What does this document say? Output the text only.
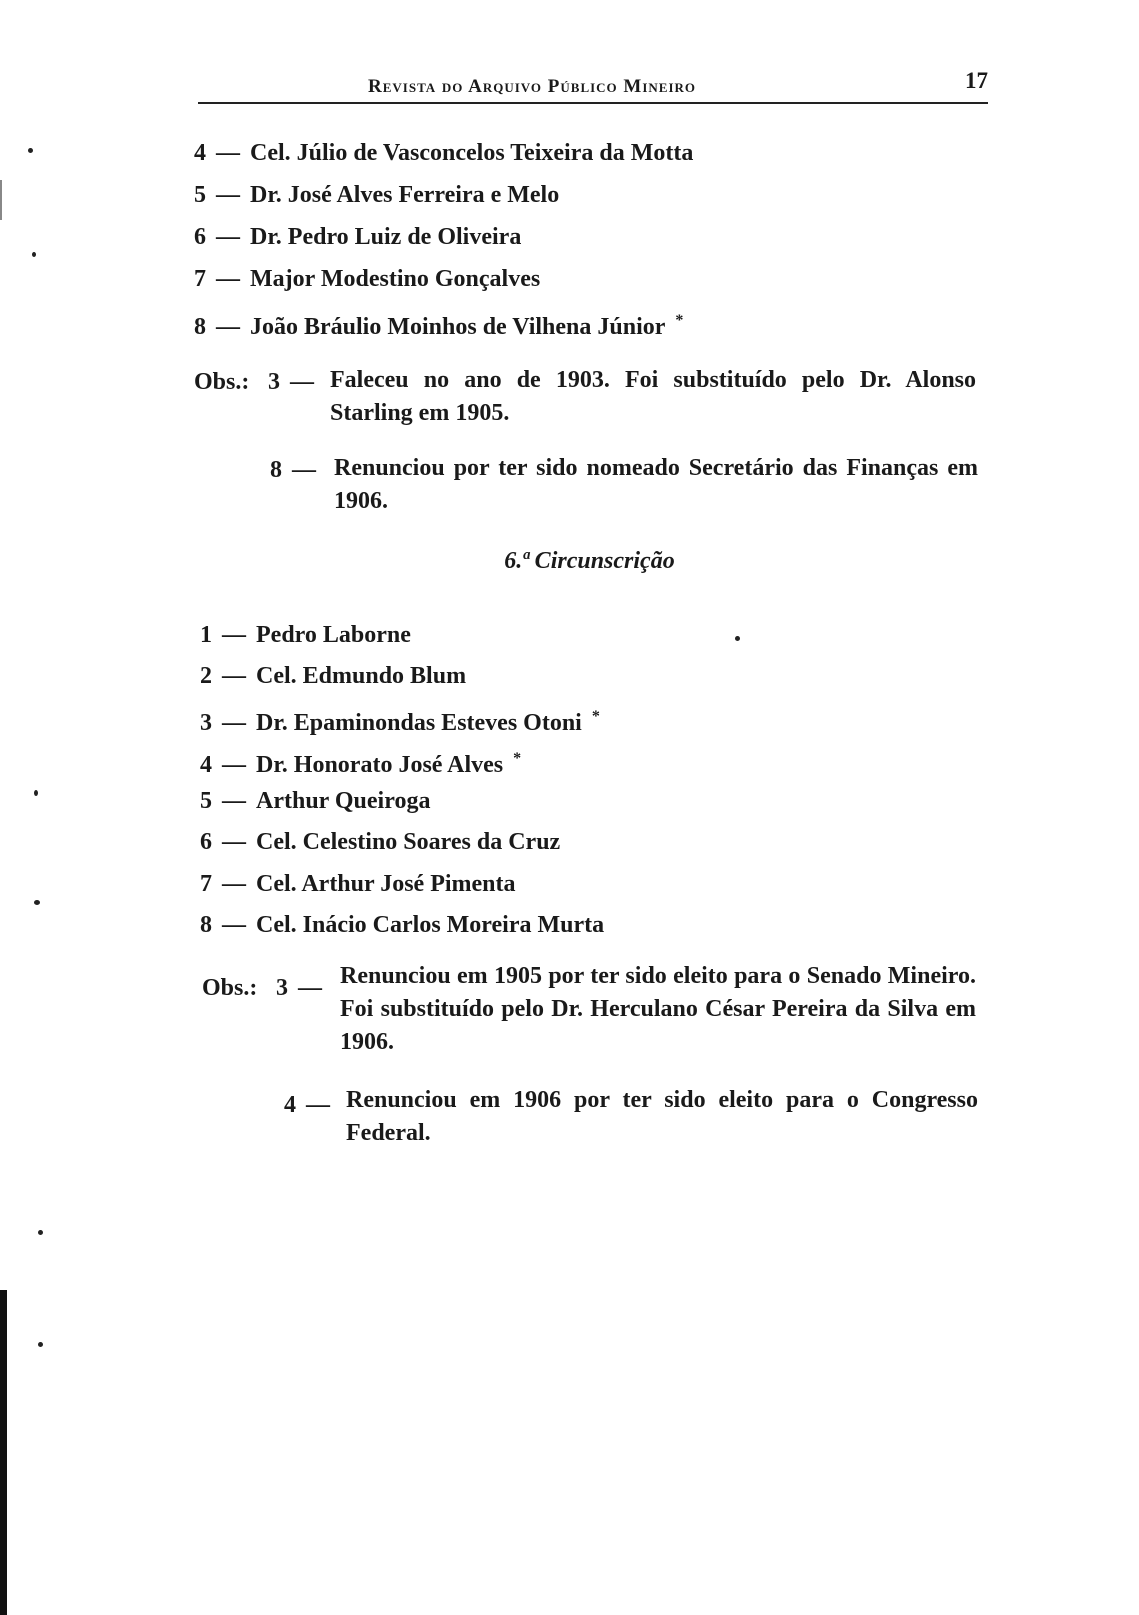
Revista do Arquivo Público Mineiro	17
4 — Cel. Júlio de Vasconcelos Teixeira da Motta
5 — Dr. José Alves Ferreira e Melo
6 — Dr. Pedro Luiz de Oliveira
7 — Major Modestino Gonçalves
8 — João Bráulio Moinhos de Vilhena Júnior *
Obs.: 3 — Faleceu no ano de 1903. Foi substituído pelo Dr. Alonso Starling em 1905.
8 — Renunciou por ter sido nomeado Secretário das Finanças em 1906.
6.ª Circunscrição
1 — Pedro Laborne
2 — Cel. Edmundo Blum
3 — Dr. Epaminondas Esteves Otoni *
4 — Dr. Honorato José Alves *
5 — Arthur Queiroga
6 — Cel. Celestino Soares da Cruz
7 — Cel. Arthur José Pimenta
8 — Cel. Inácio Carlos Moreira Murta
Obs.: 3 — Renunciou em 1905 por ter sido eleito para o Senado Mineiro. Foi substituído pelo Dr. Herculano César Pereira da Silva em 1906.
4 — Renunciou em 1906 por ter sido eleito para o Congresso Federal.
